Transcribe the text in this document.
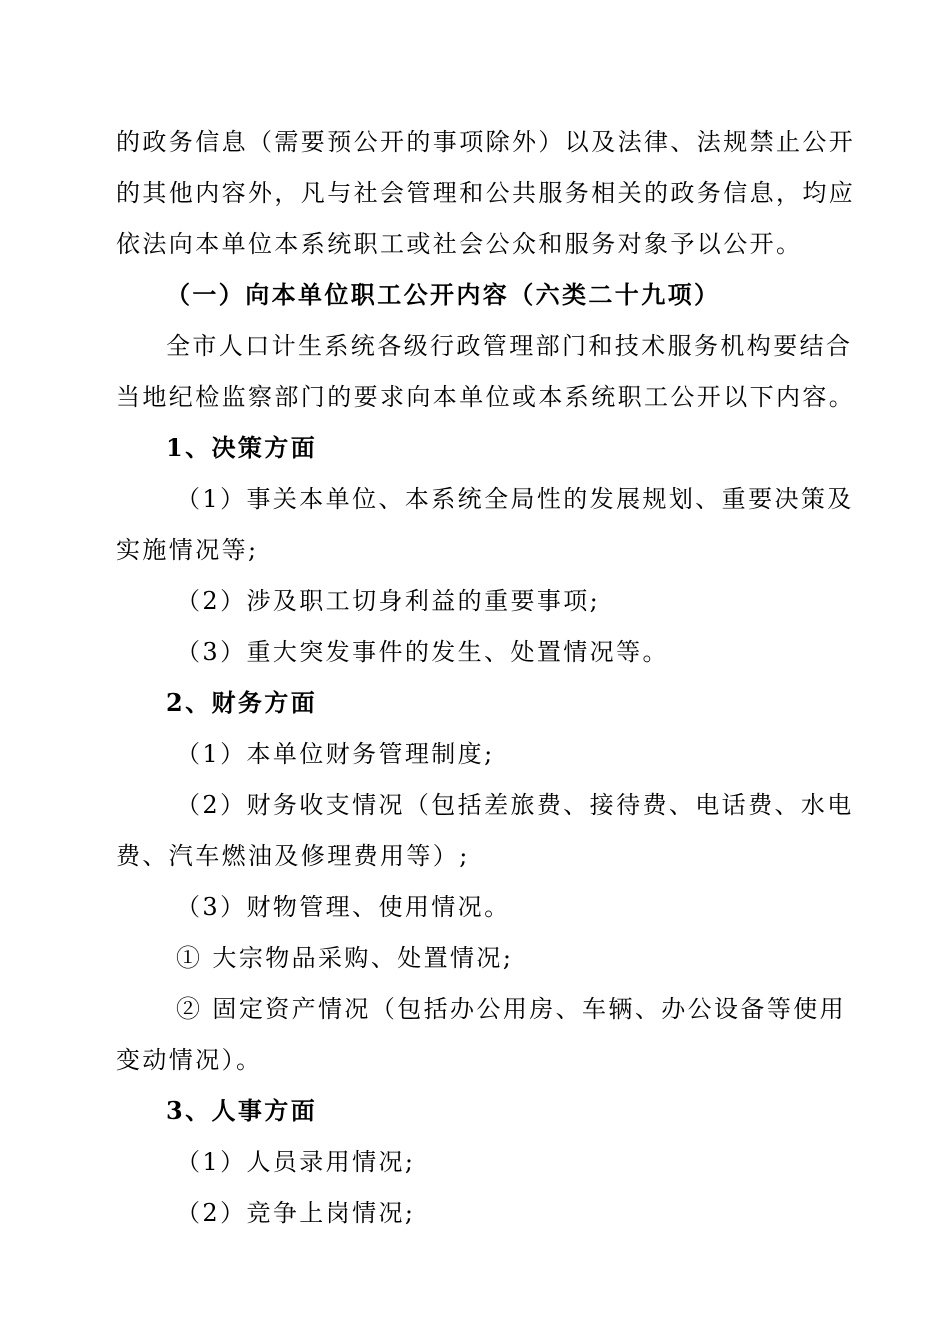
的政务信息（需要预公开的事项除外）以及法律、法规禁止公开
的其他内容外，凡与社会管理和公共服务相关的政务信息，均应
依法向本单位本系统职工或社会公众和服务对象予以公开。
（一）向本单位职工公开内容（六类二十九项）
全市人口计生系统各级行政管理部门和技术服务机构要结合
当地纪检监察部门的要求向本单位或本系统职工公开以下内容。
1、决策方面
（1）事关本单位、本系统全局性的发展规划、重要决策及
实施情况等;
（2）涉及职工切身利益的重要事项;
（3）重大突发事件的发生、处置情况等。
2、财务方面
（1）本单位财务管理制度;
（2）财务收支情况（包括差旅费、接待费、电话费、水电
费、汽车燃油及修理费用等）;
（3）财物管理、使用情况。
① 大宗物品采购、处置情况;
② 固定资产情况（包括办公用房、车辆、办公设备等使用
变动情况）。
3、人事方面
（1）人员录用情况;
（2）竞争上岗情况;
